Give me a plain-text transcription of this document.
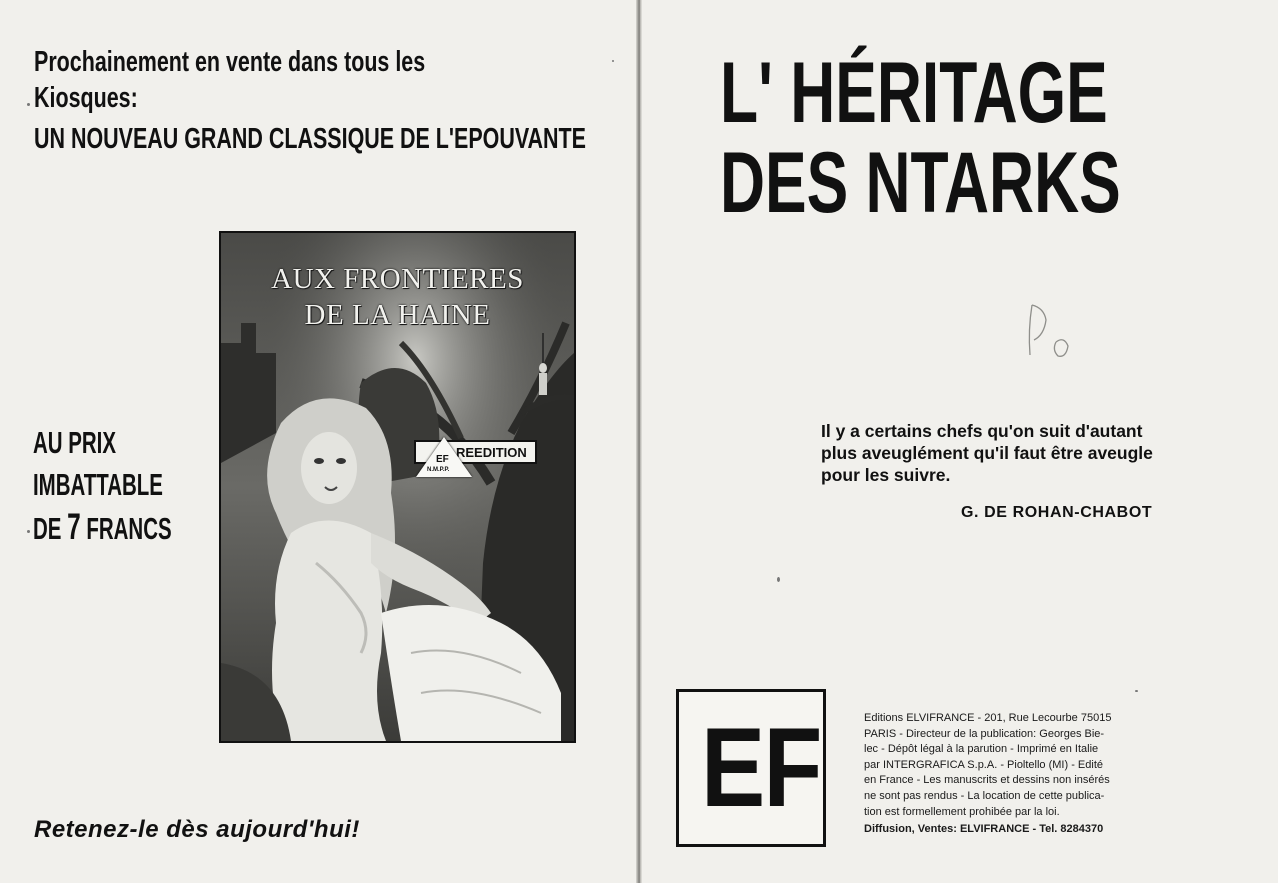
Prochainement en vente dans tous les
Kiosques:
UN NOUVEAU GRAND CLASSIQUE DE L'EPOUVANTE
AUX FRONTIERES
DE LA HAINE
REEDITION
EF
N.M.P.P.
AU PRIX
IMBATTABLE
DE 7 FRANCS
Retenez-le dès aujourd'hui!
L' HÉRITAGE
DES NTARKS
Il y a certains chefs qu'on suit d'autant
plus aveuglément qu'il faut être aveugle
pour les suivre.
G. DE ROHAN-CHABOT
EF	Editions ELVIFRANCE - 201, Rue Lecourbe 75015
PARIS - Directeur de la publication: Georges Bie-
lec - Dépôt légal à la parution - Imprimé en Italie
par INTERGRAFICA S.p.A. - Pioltello (MI) - Edité
en France - Les manuscrits et dessins non insérés
ne sont pas rendus - La location de cette publica-
tion est formellement prohibée par la loi.
Diffusion, Ventes: ELVIFRANCE - Tel. 8284370
